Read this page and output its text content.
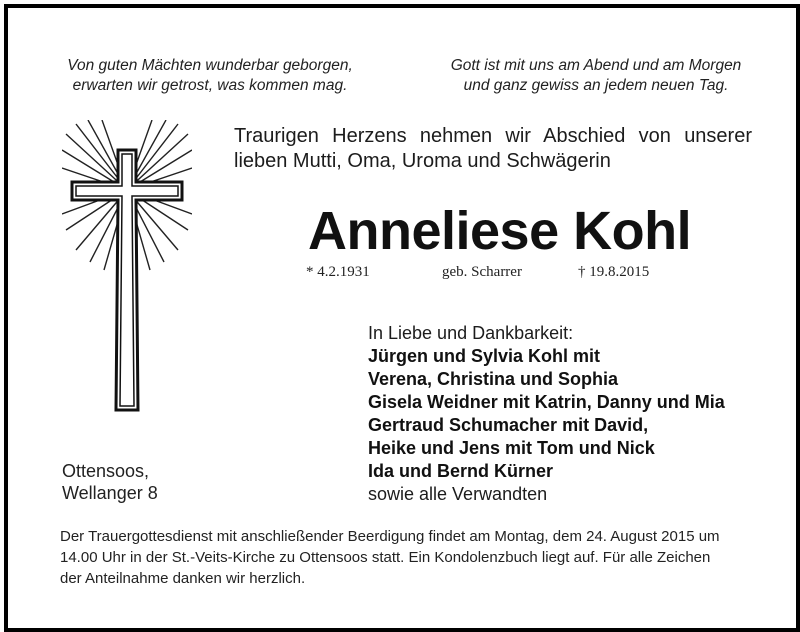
Von guten Mächten wunderbar geborgen,
erwarten wir getrost, was kommen mag.
Gott ist mit uns am Abend und am Morgen
und ganz gewiss an jedem neuen Tag.
Traurigen Herzens nehmen wir Abschied von unserer
lieben Mutti, Oma, Uroma und Schwägerin
Anneliese Kohl
* 4.2.1931	geb. Scharrer	† 19.8.2015
In Liebe und Dankbarkeit:
Jürgen und Sylvia Kohl mit
Verena, Christina und Sophia
Gisela Weidner mit Katrin, Danny und Mia
Gertraud Schumacher mit David,
Heike und Jens mit Tom und Nick
Ida und Bernd Kürner
sowie alle Verwandten
Ottensoos,
Wellanger 8
Der Trauergottesdienst mit anschließender Beerdigung findet am Montag, dem 24. August 2015 um
14.00 Uhr in der St.-Veits-Kirche zu Ottensoos statt. Ein Kondolenzbuch liegt auf. Für alle Zeichen
der Anteilnahme danken wir herzlich.
